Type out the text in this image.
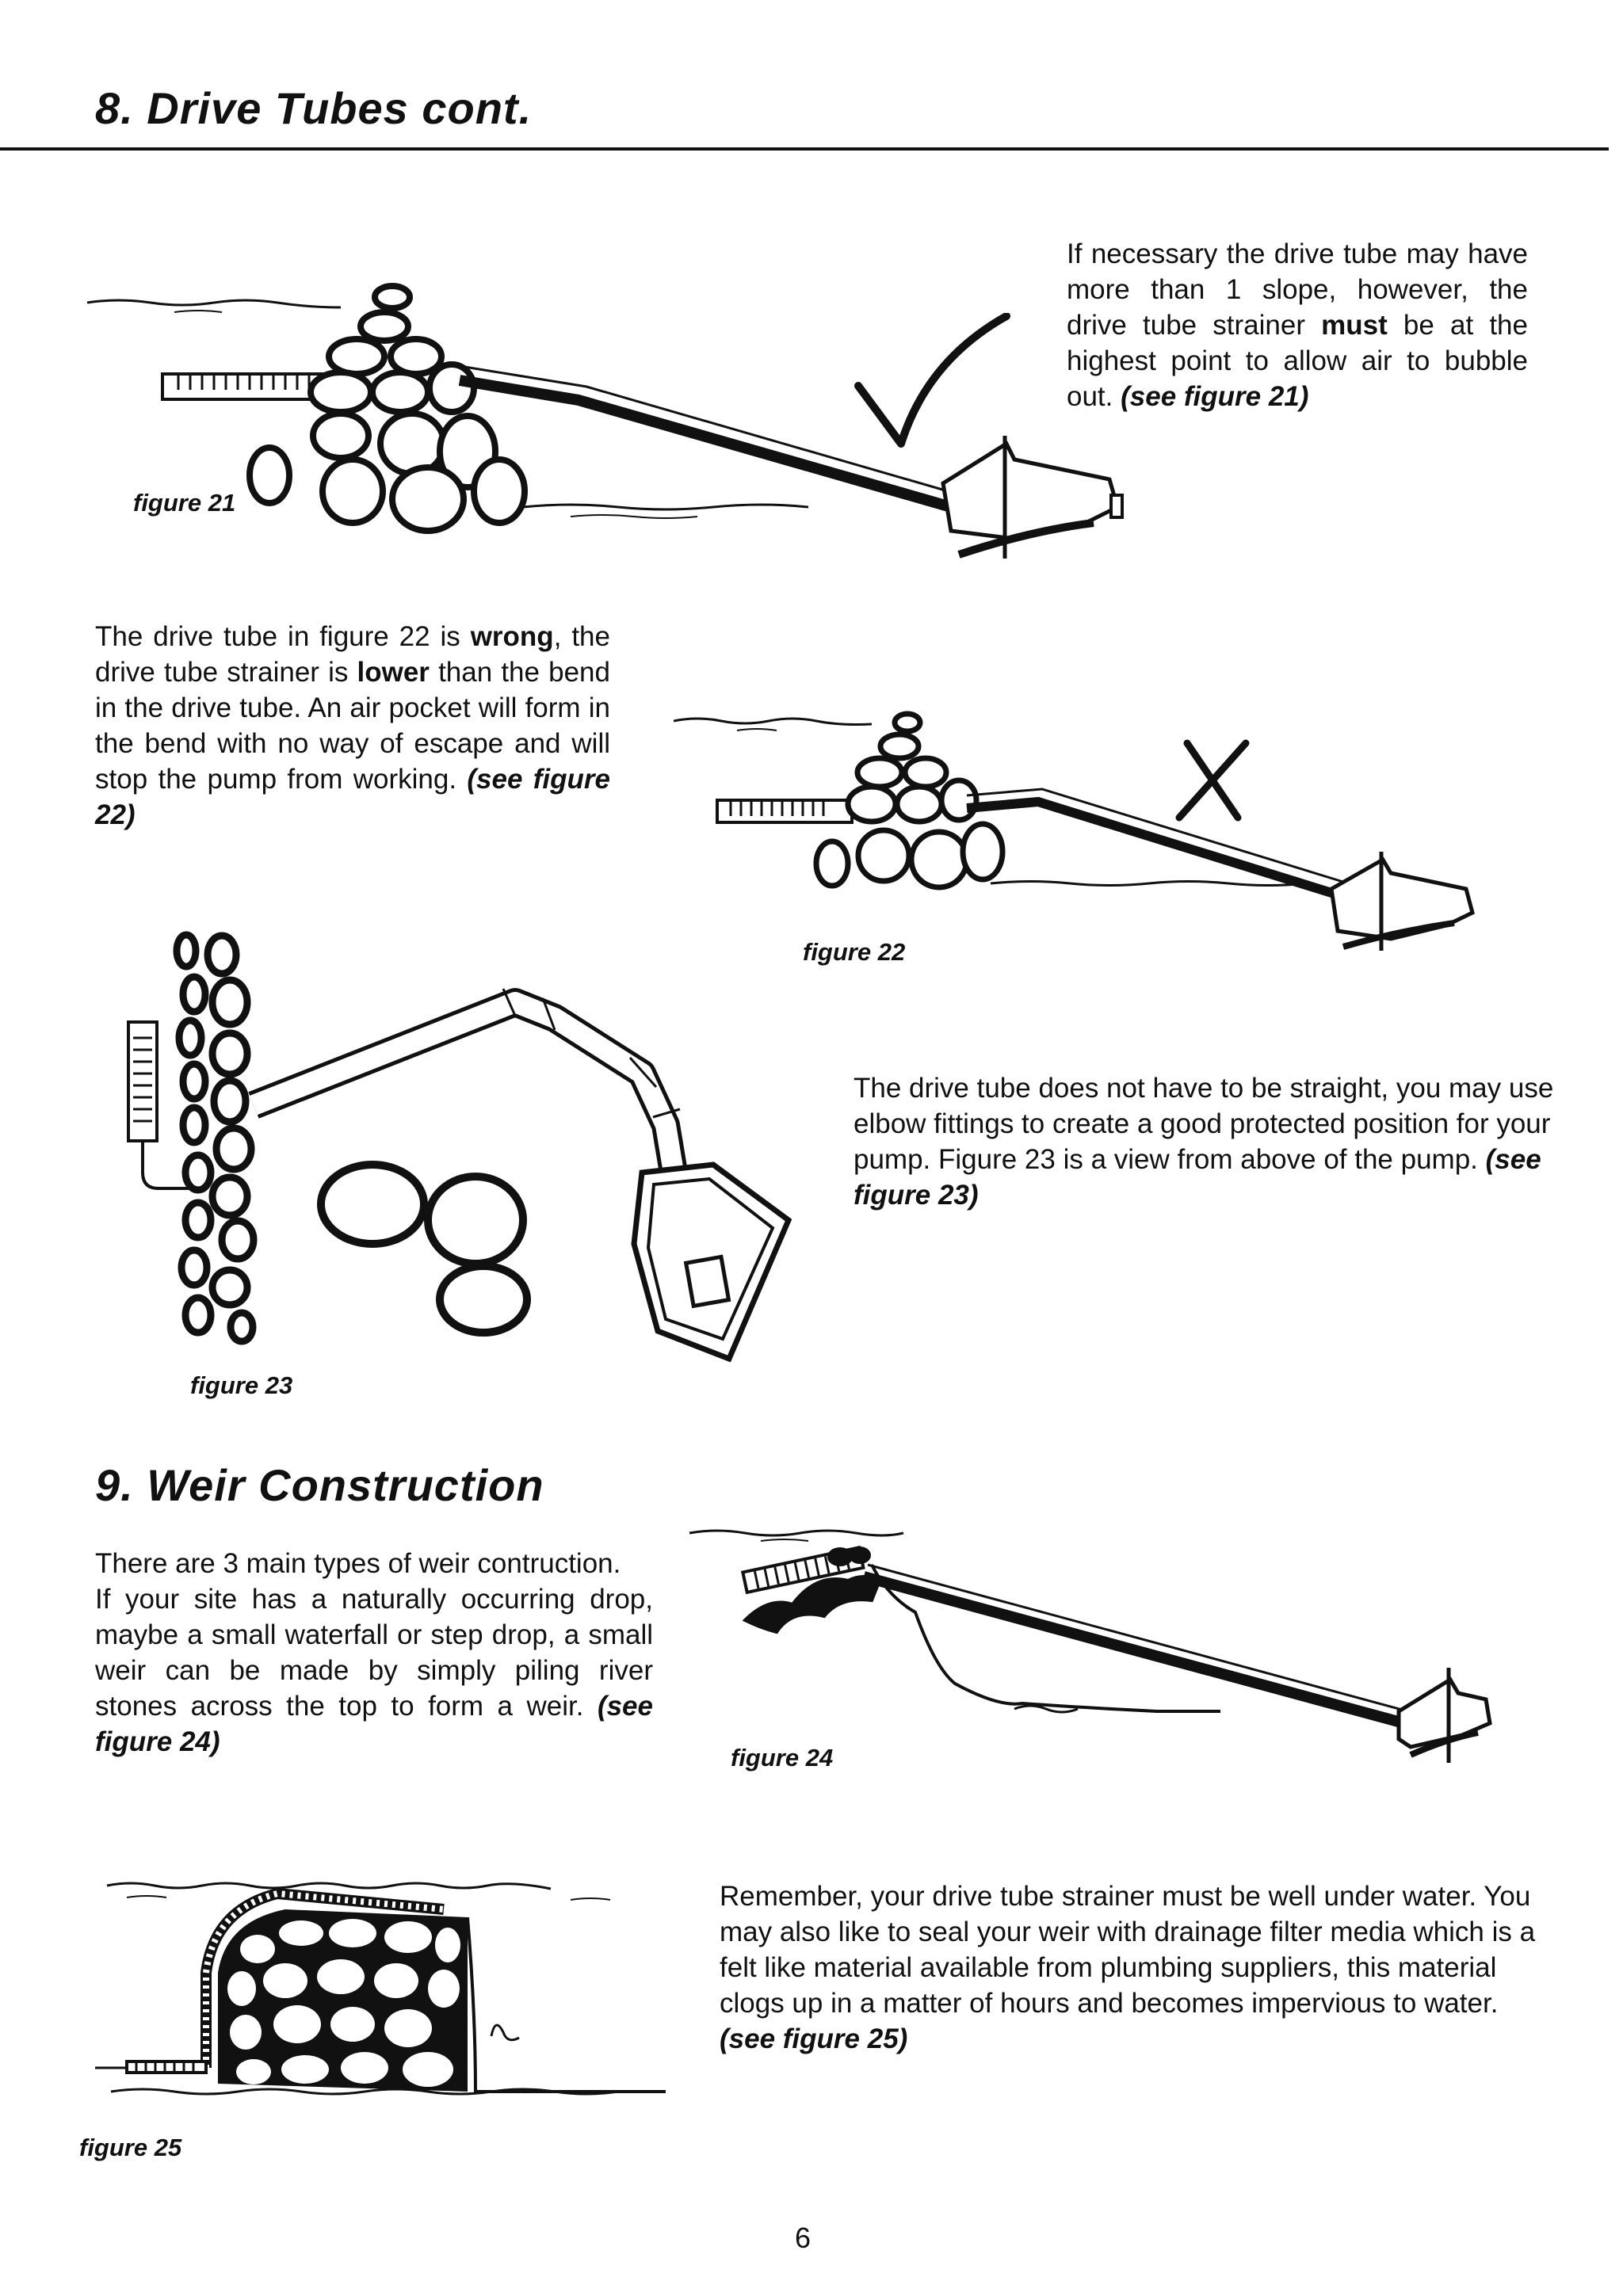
8. Drive Tubes cont.

If necessary the drive tube may have more than 1 slope, however, the drive tube strainer must be at the highest point to allow air to bubble out. (see figure 21)

figure 21

The drive tube in figure 22 is wrong, the drive tube strainer is lower than the bend in the drive tube. An air pocket will form in the bend with no way of escape and will stop the pump from working. (see figure 22)

figure 22

The drive tube does not have to be straight, you may use elbow fittings to create a good protected position for your pump. Figure 23 is a view from above of the pump. (see figure 23)

figure 23

9. Weir Construction

There are 3 main types of weir contruction.
If your site has a naturally occurring drop, maybe a small waterfall or step drop, a small weir can be made by simply piling river stones across the top to form a weir. (see figure 24)

figure 24

Remember, your drive tube strainer must be well under water. You may also like to seal your weir with drainage filter media which is a felt like material available from plumbing suppliers, this material clogs up in a matter of hours and becomes impervious to water. (see figure 25)

figure 25

6
